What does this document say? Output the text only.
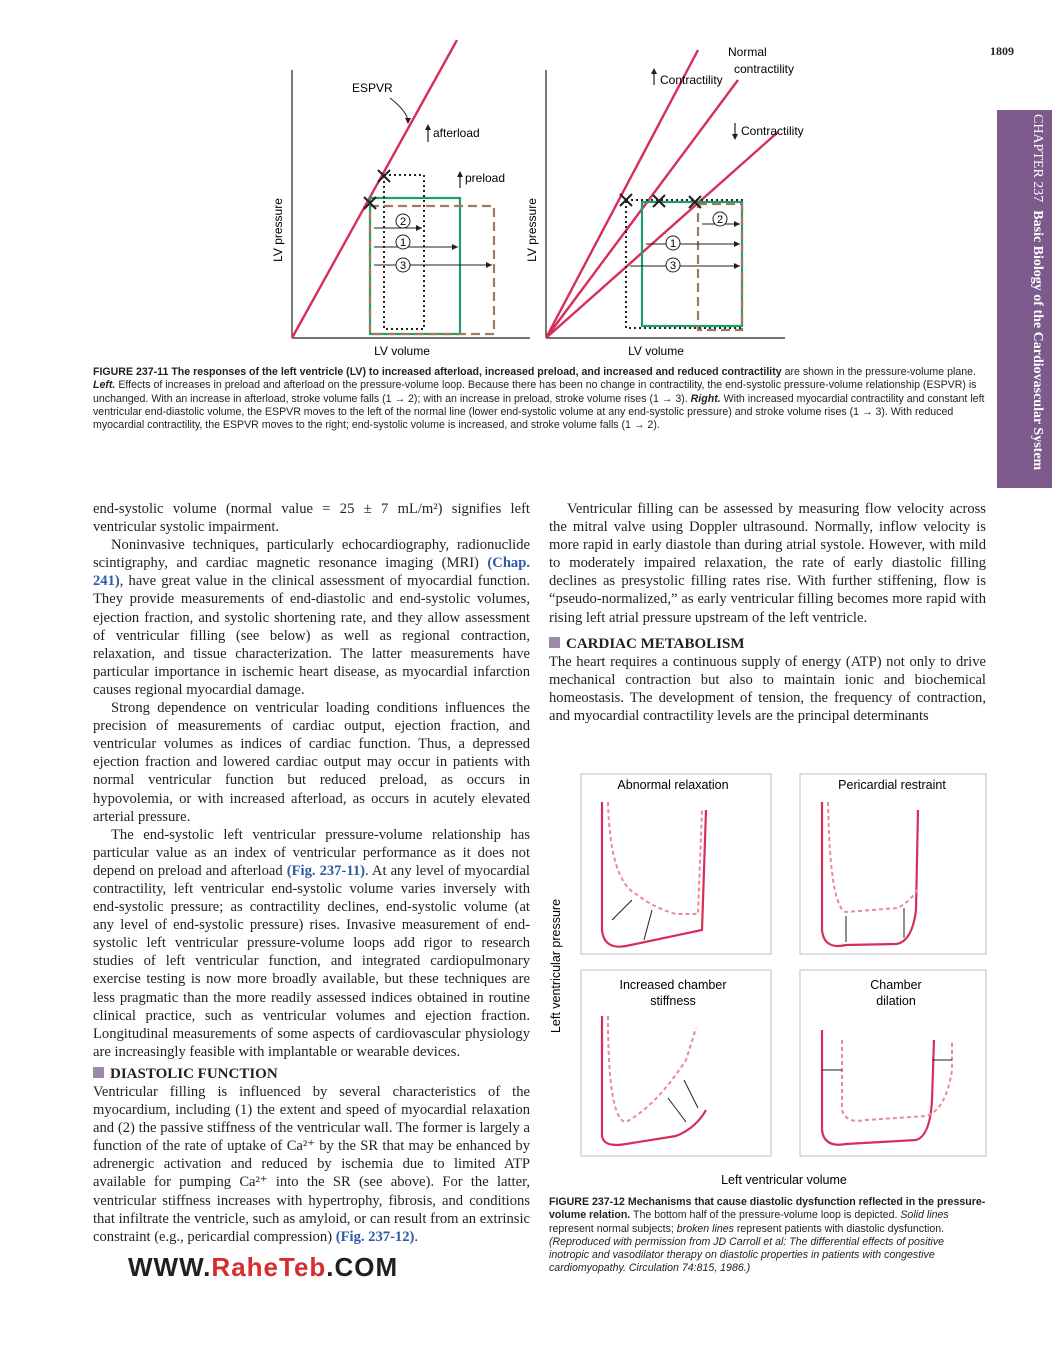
1809
CHAPTER 237Basic Biology of the Cardiovascular System
2
1
3
ESPVR
afterload
preload
LV pressure
LV volume
2
1
3
Normal
contractility
Contractility
Contractility
LV pressure
LV volume
FIGURE 237-11 The responses of the left ventricle (LV) to increased afterload, increased preload, and increased and reduced contractility are shown in the pressure-volume plane. Left. Effects of increases in preload and afterload on the pressure-volume loop. Because there has been no change in contractility, the end-systolic pressure-volume relationship (ESPVR) is unchanged. With an increase in afterload, stroke volume falls (1 → 2); with an increase in preload, stroke volume rises (1 → 3). Right. With increased myocardial contractility and constant left ventricular end-diastolic volume, the ESPVR moves to the left of the normal line (lower end-systolic volume at any end-systolic pressure) and stroke volume rises (1 → 3). With reduced myocardial contractility, the ESPVR moves to the right; end-systolic volume is increased, and stroke volume falls (1 → 2).

end-systolic volume (normal value = 25 ± 7 mL/m²) signifies left ventricular systolic impairment.

Noninvasive techniques, particularly echocardiography, radionuclide scintigraphy, and cardiac magnetic resonance imaging (MRI) (Chap. 241), have great value in the clinical assessment of myocardial function. They provide measurements of end-diastolic and end-systolic volumes, ejection fraction, and systolic shortening rate, and they allow assessment of ventricular filling (see below) as well as regional contraction, relaxation, and tissue characterization. The latter measurements have particular importance in ischemic heart disease, as myocardial infarction causes regional myocardial damage.

Strong dependence on ventricular loading conditions influences the precision of measurements of cardiac output, ejection fraction, and ventricular volumes as indices of cardiac function. Thus, a depressed ejection fraction and lowered cardiac output may occur in patients with normal ventricular function but reduced preload, as occurs in hypovolemia, or with increased afterload, as occurs in acutely elevated arterial pressure.

The end-systolic left ventricular pressure-volume relationship has particular value as an index of ventricular performance as it does not depend on preload and afterload (Fig. 237-11). At any level of myocardial contractility, left ventricular end-systolic volume varies inversely with end-systolic pressure; as contractility declines, end-systolic volume (at any level of end-systolic pressure) rises. Invasive measurement of end-systolic left ventricular pressure-volume loops add rigor to research studies of left ventricular function, and integrated cardiopulmonary exercise testing is now more broadly available, but these techniques are less pragmatic than the more readily assessed indices obtained in routine clinical practice, such as ventricular volumes and ejection fraction. Longitudinal measurements of some aspects of cardiovascular physiology are increasingly feasible with implantable or wearable devices.

DIASTOLIC FUNCTION

Ventricular filling is influenced by several characteristics of the myocardium, including (1) the extent and speed of myocardial relaxation and (2) the passive stiffness of the ventricular wall. The former is largely a function of the rate of uptake of Ca²⁺ by the SR that may be enhanced by adrenergic activation and reduced by ischemia due to limited ATP available for pumping Ca²⁺ into the SR (see above). For the latter, ventricular stiffness increases with hypertrophy, fibrosis, and conditions that infiltrate the ventricle, such as amyloid, or can result from an extrinsic constraint (e.g., pericardial compression) (Fig. 237-12).

Ventricular filling can be assessed by measuring flow velocity across the mitral valve using Doppler ultrasound. Normally, inflow velocity is more rapid in early diastole than during atrial systole. However, with mild to moderately impaired relaxation, the rate of early diastolic filling declines as presystolic filling rates rise. With further stiffening, flow is “pseudo-normalized,” as early ventricular filling becomes more rapid with rising left atrial pressure upstream of the left ventricle.

CARDIAC METABOLISM

The heart requires a continuous supply of energy (ATP) not only to drive mechanical contraction but also to maintain ionic and biochemical homeostasis. The development of tension, the frequency of contraction, and myocardial contractility levels are the principal determinants

Abnormal relaxation	Pericardial restraint
Increased chamber
stiffness
Chamber
dilation
Left ventricular pressure
Left ventricular volume
FIGURE 237-12 Mechanisms that cause diastolic dysfunction reflected in the pressure-volume relation. The bottom half of the pressure-volume loop is depicted. Solid lines represent normal subjects; broken lines represent patients with diastolic dysfunction. (Reproduced with permission from JD Carroll et al: The differential effects of positive inotropic and vasodilator therapy on diastolic properties in patients with congestive cardiomyopathy. Circulation 74:815, 1986.)
WWW.RaheTeb.COM
